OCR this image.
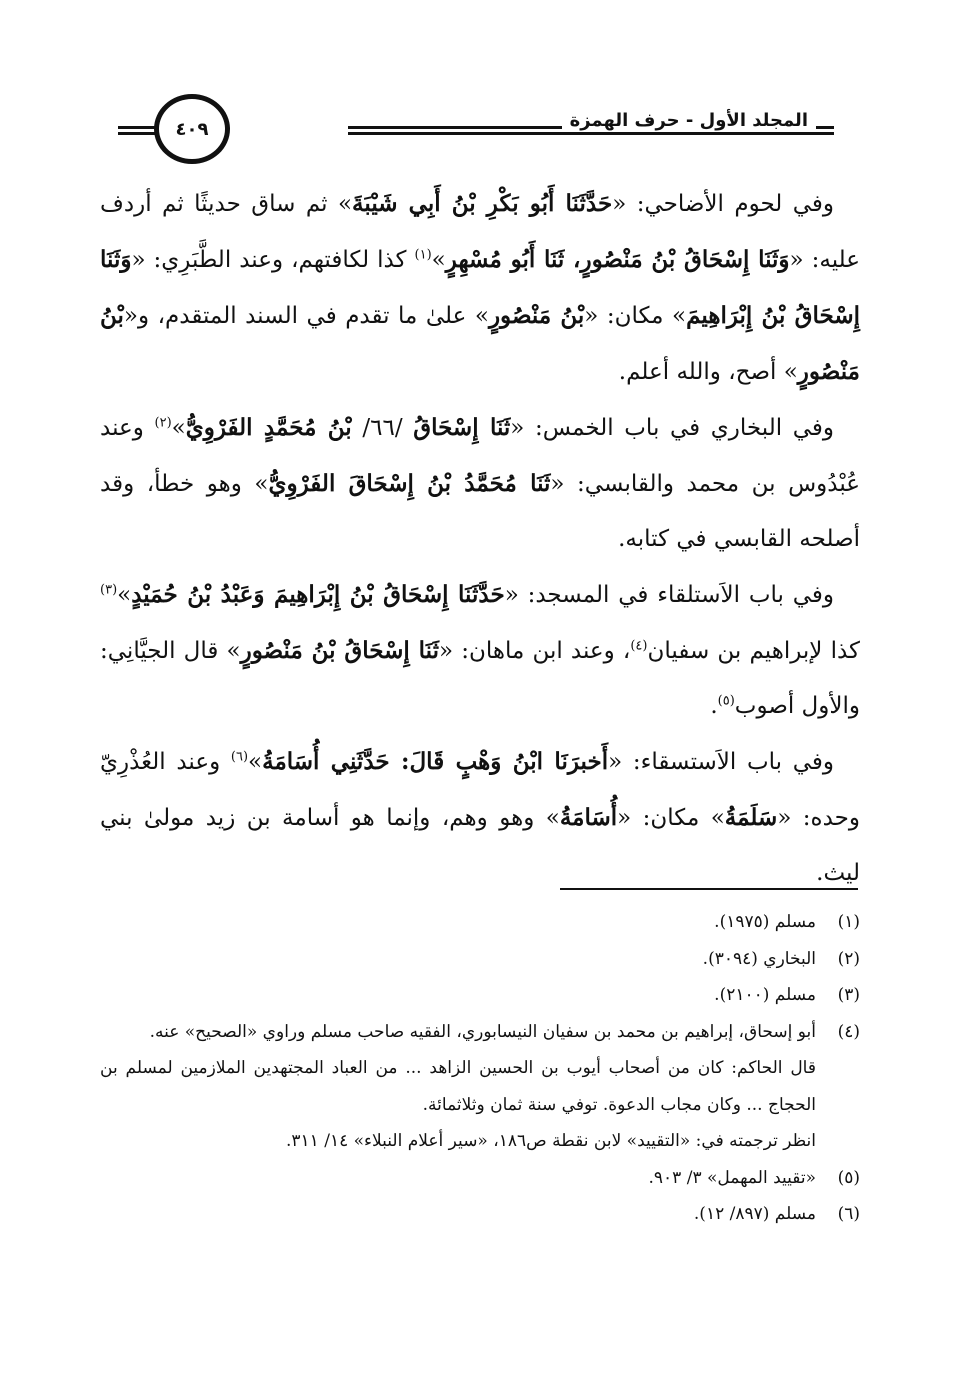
المجلد الأول - حرف الهمزة
٤٠٩

وفي لحوم الأضاحي: «حَدَّثَنَا أَبُو بَكْرِ بْنُ أَبِي شَيْبَةَ» ثم ساق حديثًا ثم أردف عليه: «وَثَنَا إِسْحَاقُ بْنُ مَنْصُورٍ، ثَنَا أَبُو مُسْهِرٍ»$^{(١)}$ كذا لكافتهم، وعند الطَّبَرِي: «وَثَنَا إِسْحَاقُ بْنُ إِبْرَاهِيمَ» مكان: «بْنُ مَنْصُورٍ» علىٰ ما تقدم في السند المتقدم، و«بْنُ مَنْصُورٍ» أصح، والله أعلم.

وفي البخاري في باب الخمس: «ثَنَا إِسْحَاقُ /٦٦/ بْنُ مُحَمَّدٍ الفَرْوِيُّ»$^{(٢)}$ وعند عُبْدُوس بن محمد والقابسي: «ثَنَا مُحَمَّدُ بْنُ إِسْحَاقَ الفَرْوِيُّ» وهو خطأ، وقد أصلحه القابسي في كتابه.

وفي باب الاَستلقاء في المسجد: «حَدَّثَنَا إِسْحَاقُ بْنُ إِبْرَاهِيمَ وَعَبْدُ بْنُ حُمَيْدٍ»$^{(٣)}$ كذا لإبراهيم بن سفيان$^{(٤)}$، وعند ابن ماهان: «ثَنَا إِسْحَاقُ بْنُ مَنْصُورٍ» قال الجيَّانِي: والأول أصوب$^{(٥)}$.

وفي باب الاَستسقاء: «أَخبرَنَا ابْنُ وَهْبٍ قَالَ: حَدَّثَنِي أُسَامَةُ»$^{(٦)}$ وعند العُذْرِيّ وحده: «سَلَمَةُ» مكان: «أُسَامَةُ» وهو وهم، وإنما هو أسامة بن زيد مولىٰ بني ليث.

(١)
مسلم (١٩٧٥).
(٢)
البخاري (٣٠٩٤).
(٣)
مسلم (٢١٠٠).
(٤)
أبو إسحاق، إبراهيم بن محمد بن سفيان النيسابوري، الفقيه صاحب مسلم وراوي «الصحيح» عنه.
قال الحاكم: كان من أصحاب أيوب بن الحسين الزاهد ... من العباد المجتهدين الملازمين لمسلم بن الحجاج ... وكان مجاب الدعوة. توفي سنة ثمان وثلاثمائة.
انظر ترجمته في: «التقييد» لابن نقطة ص١٨٦، «سير أعلام النبلاء» ١٤/ ٣١١.
(٥)
«تقييد المهمل» ٣/ ٩٠٣.
(٦)
مسلم (٨٩٧/ ١٢).
